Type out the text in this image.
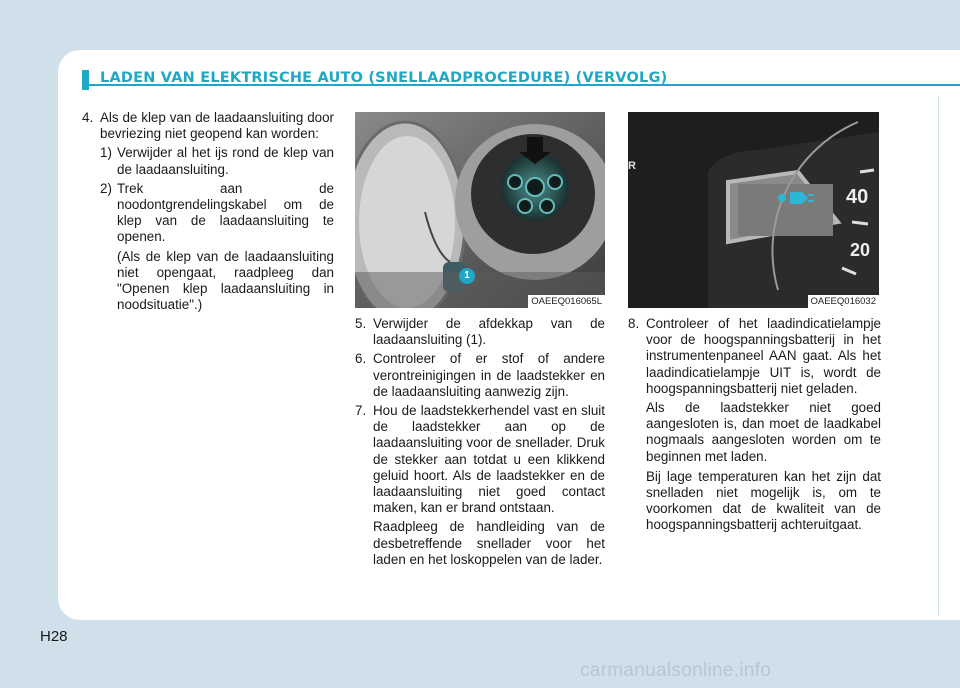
LADEN VAN ELEKTRISCHE AUTO (SNELLAADPROCEDURE) (VERVOLG)
4. Als de klep van de laadaansluiting door bevriezing niet geopend kan worden:
1) Verwijder al het ijs rond de klep van de laadaansluiting.
2) Trek aan de noodontgrendelingskabel om de klep van de laadaansluiting te openen.
(Als de klep van de laadaansluiting niet opengaat, raadpleeg dan "Openen klep laadaansluiting in noodsituatie".)
1
OAEEQ016065L
40
20
R
OAEEQ016032
5. Verwijder de afdekkap van de laadaansluiting (1).
6. Controleer of er stof of andere verontreinigingen in de laadstekker en de laadaansluiting aanwezig zijn.
7. Hou de laadstekkerhendel vast en sluit de laadstekker aan op de laadaansluiting voor de snellader. Druk de stekker aan totdat u een klikkend geluid hoort. Als de laadstekker en de laadaansluiting niet goed contact maken, kan er brand ontstaan.
Raadpleeg de handleiding van de desbetreffende snellader voor het laden en het loskoppelen van de lader.
8. Controleer of het laadindicatielampje voor de hoogspanningsbatterij in het instrumentenpaneel AAN gaat. Als het laadindicatielampje UIT is, wordt de hoogspanningsbatterij niet geladen.
Als de laadstekker niet goed aangesloten is, dan moet de laadkabel nogmaals aangesloten worden om te beginnen met laden.
Bij lage temperaturen kan het zijn dat snelladen niet mogelijk is, om te voorkomen dat de kwaliteit van de hoogspanningsbatterij achteruitgaat.
H28
carmanualsonline.info
